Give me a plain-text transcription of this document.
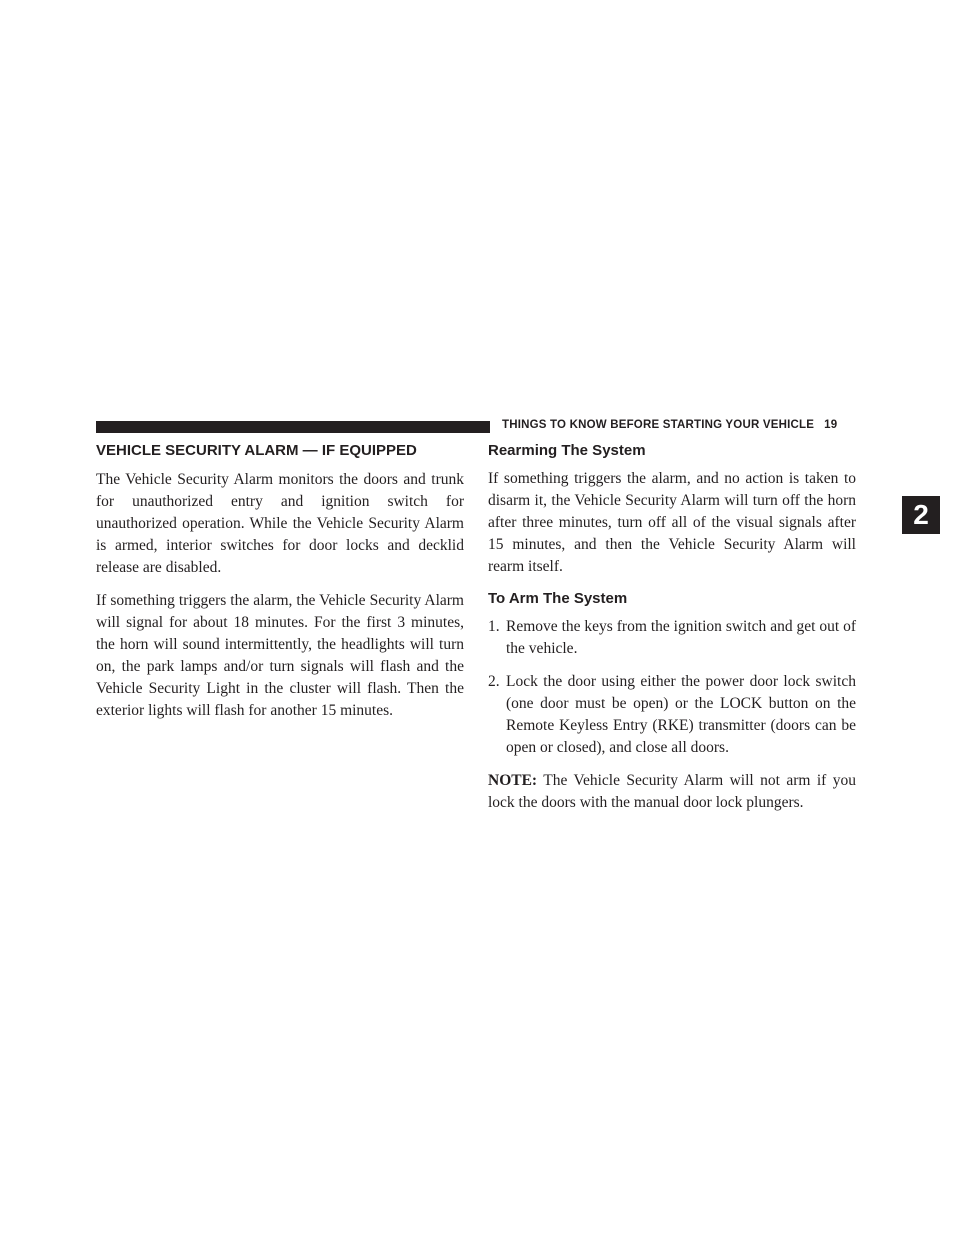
THINGS TO KNOW BEFORE STARTING YOUR VEHICLE 19
2
VEHICLE SECURITY ALARM — IF EQUIPPED

The Vehicle Security Alarm monitors the doors and trunk for unauthorized entry and ignition switch for unauthorized operation. While the Vehicle Security Alarm is armed, interior switches for door locks and decklid release are disabled.

If something triggers the alarm, the Vehicle Security Alarm will signal for about 18 minutes. For the first 3 minutes, the horn will sound intermittently, the headlights will turn on, the park lamps and/or turn signals will flash and the Vehicle Security Light in the cluster will flash. Then the exterior lights will flash for another 15 minutes.

Rearming The System

If something triggers the alarm, and no action is taken to disarm it, the Vehicle Security Alarm will turn off the horn after three minutes, turn off all of the visual signals after 15 minutes, and then the Vehicle Security Alarm will rearm itself.

To Arm The System
1. Remove the keys from the ignition switch and get out of the vehicle.
2. Lock the door using either the power door lock switch (one door must be open) or the LOCK button on the Remote Keyless Entry (RKE) transmitter (doors can be open or closed), and close all doors.

NOTE: The Vehicle Security Alarm will not arm if you lock the doors with the manual door lock plungers.
